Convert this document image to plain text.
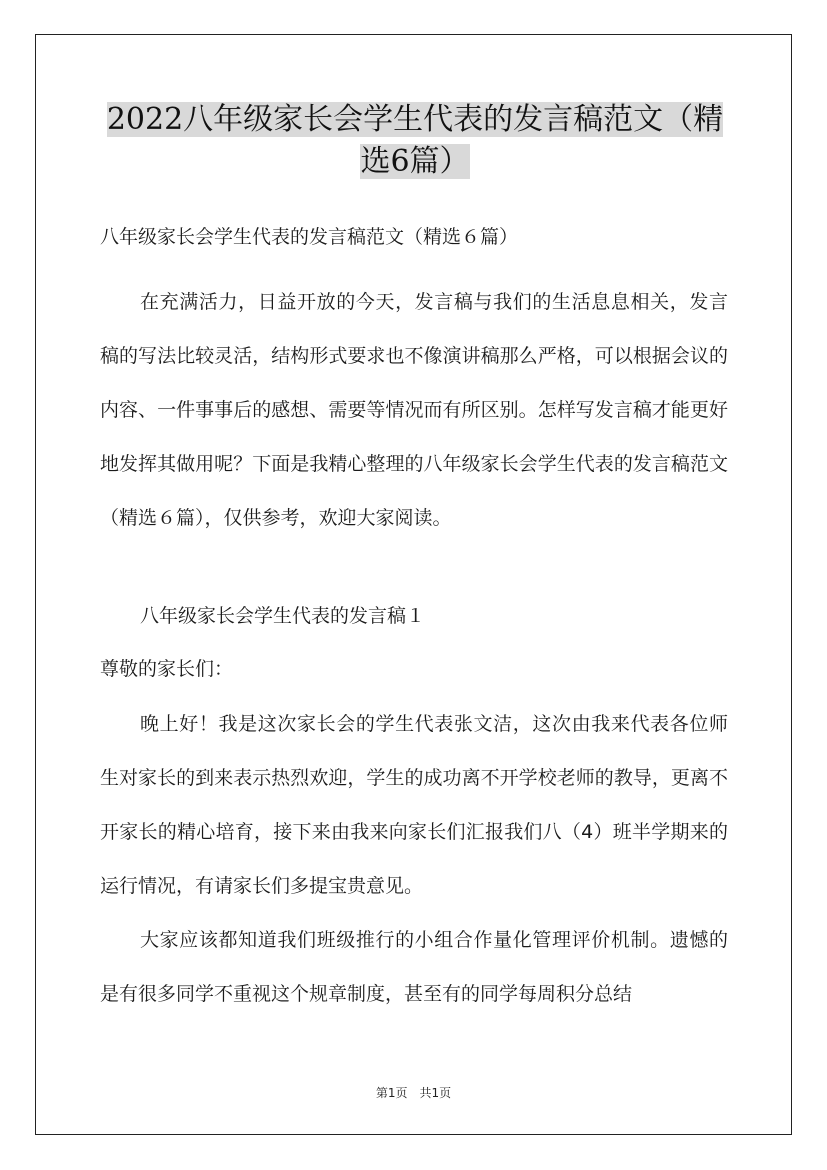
2022八年级家长会学生代表的发言稿范文（精选6篇）

八年级家长会学生代表的发言稿范文（精选６篇）

在充满活力，日益开放的今天，发言稿与我们的生活息息相关，发言稿的写法比较灵活，结构形式要求也不像演讲稿那么严格，可以根据会议的内容、一件事事后的感想、需要等情况而有所区别。怎样写发言稿才能更好地发挥其做用呢？下面是我精心整理的八年级家长会学生代表的发言稿范文（精选６篇），仅供参考，欢迎大家阅读。

八年级家长会学生代表的发言稿１

尊敬的家长们：

晚上好！我是这次家长会的学生代表张文洁，这次由我来代表各位师生对家长的到来表示热烈欢迎，学生的成功离不开学校老师的教导，更离不开家长的精心培育，接下来由我来向家长们汇报我们八（4）班半学期来的运行情况，有请家长们多提宝贵意见。

大家应该都知道我们班级推行的小组合作量化管理评价机制。遗憾的是有很多同学不重视这个规章制度，甚至有的同学每周积分总结

第1页　共1页
